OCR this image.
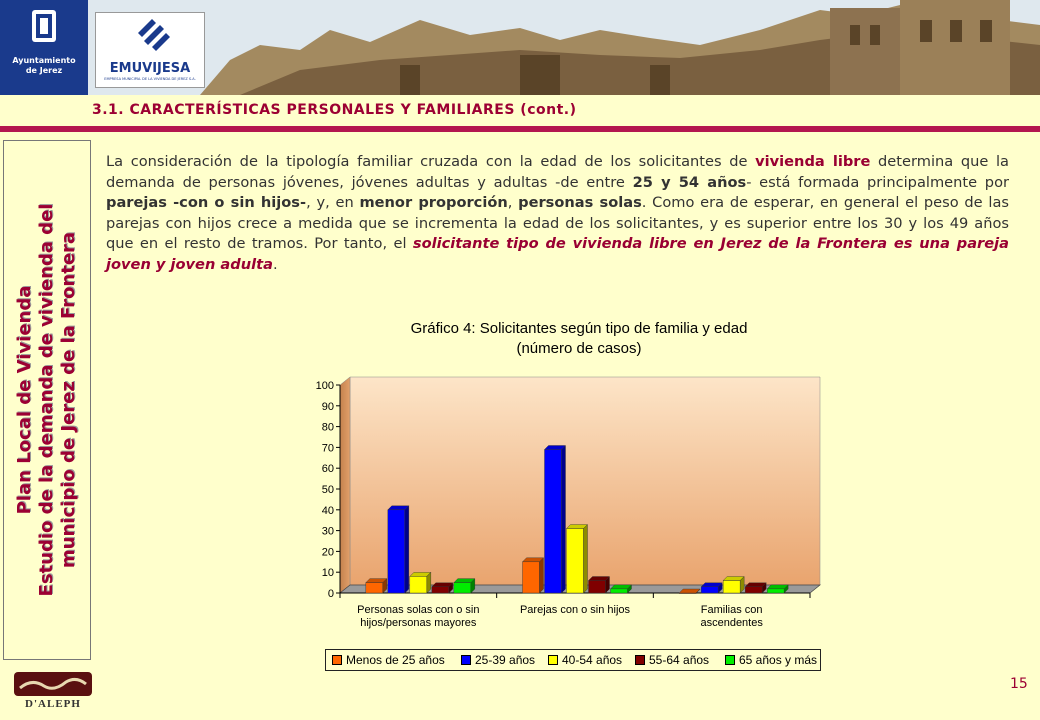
Ayuntamiento
de Jerez	EMUVIJESA
EMPRESA MUNICIPAL DE LA VIVIENDA DE JEREZ S.A.
3.1. CARACTERÍSTICAS PERSONALES Y FAMILIARES (cont.)
Plan Local de Vivienda Estudio de la demanda de vivienda del municipio de Jerez de la Frontera
La consideración de la tipología familiar cruzada con la edad de los solicitantes de vivienda libre determina que la demanda de personas jóvenes, jóvenes adultas y adultas -de entre 25 y 54 años- está formada principalmente por parejas -con o sin hijos-, y, en menor proporción, personas solas. Como era de esperar, en general el peso de las parejas con hijos crece a medida que se incrementa la edad de los solicitantes, y es superior entre los 30 y los 49 años que en el resto de tramos. Por tanto, el solicitante tipo de vivienda libre en Jerez de la Frontera es una pareja joven y joven adulta.
Gráfico 4: Solicitantes según tipo de familia y edad
(número de casos)
0
10
20
30
40
50
60
70
80
90
100
Personas solas con o sin
hijos/personas mayores
Parejas con o sin hijos	Familias con
ascendentes
Menos de 25 años	25-39 años 40-54 años 55-64 años 65 años y más
D'ALEPH
15
